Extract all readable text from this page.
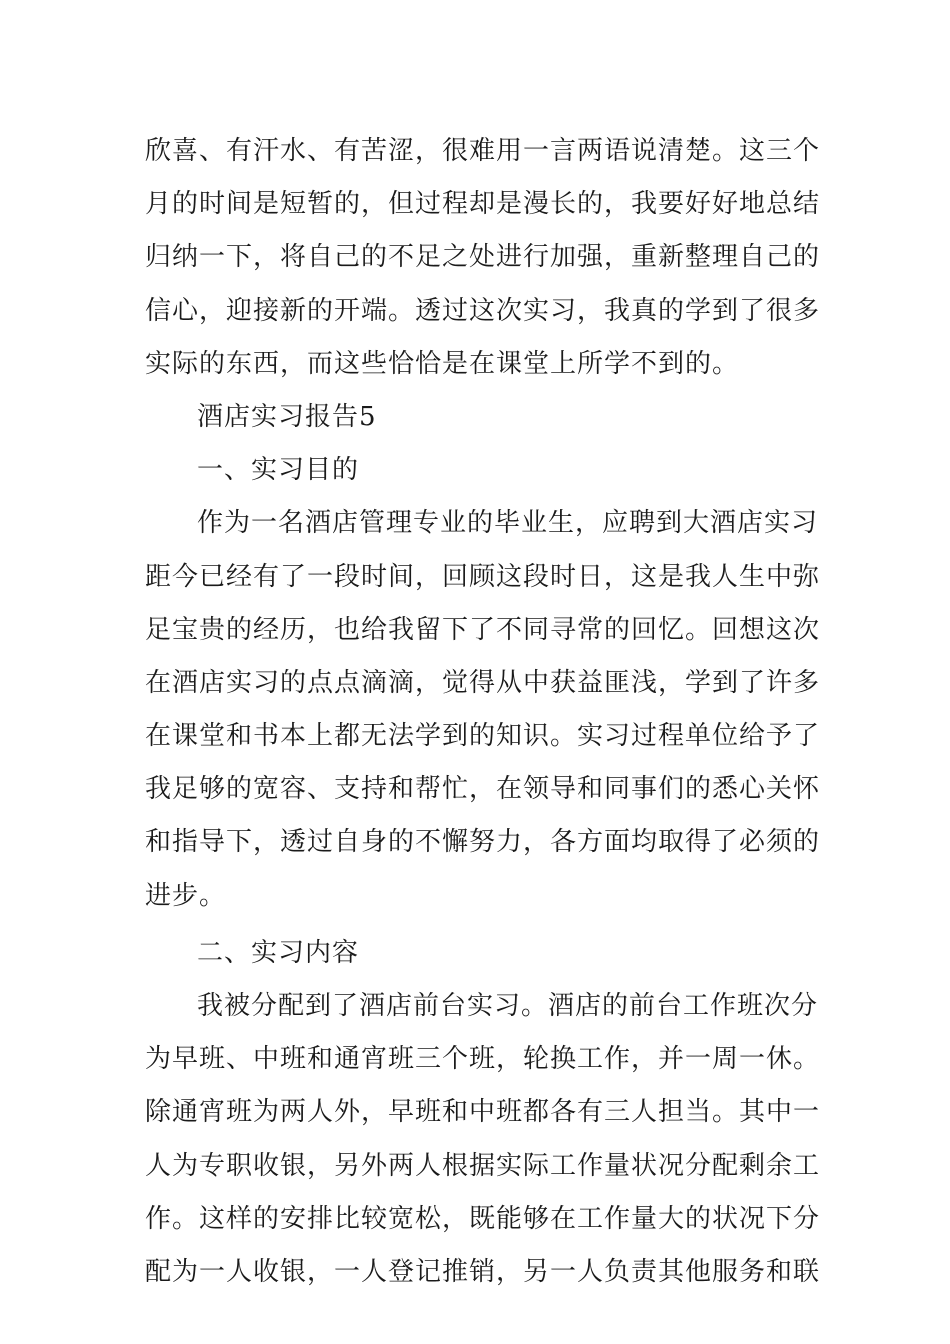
欣喜、有汗水、有苦涩，很难用一言两语说清楚。这三个
月的时间是短暂的，但过程却是漫长的，我要好好地总结
归纳一下，将自己的不足之处进行加强，重新整理自己的
信心，迎接新的开端。透过这次实习，我真的学到了很多
实际的东西，而这些恰恰是在课堂上所学不到的。
酒店实习报告5
一、实习目的
作为一名酒店管理专业的毕业生，应聘到大酒店实习
距今已经有了一段时间，回顾这段时日，这是我人生中弥
足宝贵的经历，也给我留下了不同寻常的回忆。回想这次
在酒店实习的点点滴滴，觉得从中获益匪浅，学到了许多
在课堂和书本上都无法学到的知识。实习过程单位给予了
我足够的宽容、支持和帮忙，在领导和同事们的悉心关怀
和指导下，透过自身的不懈努力，各方面均取得了必须的
进步。
二、实习内容
我被分配到了酒店前台实习。酒店的前台工作班次分
为早班、中班和通宵班三个班，轮换工作，并一周一休。
除通宵班为两人外，早班和中班都各有三人担当。其中一
人为专职收银，另外两人根据实际工作量状况分配剩余工
作。这样的安排比较宽松，既能够在工作量大的状况下分
配为一人收银，一人登记推销，另一人负责其他服务和联
